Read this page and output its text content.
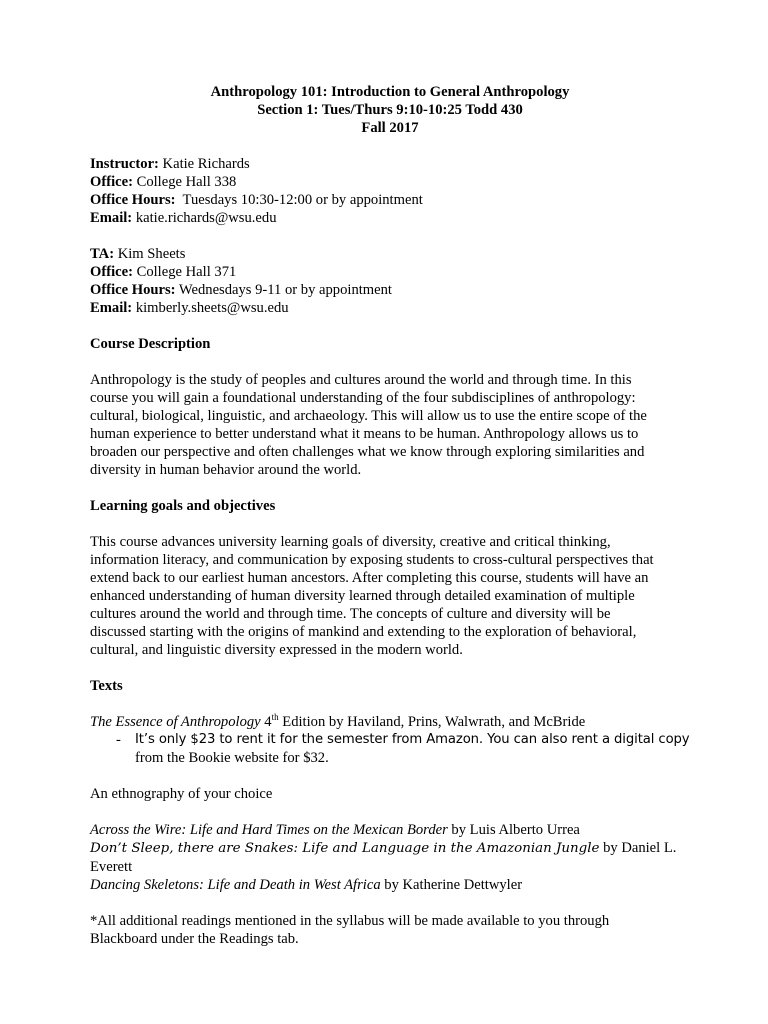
Anthropology 101: Introduction to General Anthropology

Section 1: Tues/Thurs 9:10-10:25 Todd 430

Fall 2017

Instructor: Katie Richards

Office: College Hall 338

Office Hours:  Tuesdays 10:30-12:00 or by appointment

Email: katie.richards@wsu.edu

TA: Kim Sheets

Office: College Hall 371

Office Hours: Wednesdays 9-11 or by appointment

Email: kimberly.sheets@wsu.edu

Course Description

Anthropology is the study of peoples and cultures around the world and through time. In this

course you will gain a foundational understanding of the four subdisciplines of anthropology:

cultural, biological, linguistic, and archaeology. This will allow us to use the entire scope of the

human experience to better understand what it means to be human. Anthropology allows us to

broaden our perspective and often challenges what we know through exploring similarities and

diversity in human behavior around the world.

Learning goals and objectives

This course advances university learning goals of diversity, creative and critical thinking,

information literacy, and communication by exposing students to cross-cultural perspectives that

extend back to our earliest human ancestors. After completing this course, students will have an

enhanced understanding of human diversity learned through detailed examination of multiple

cultures around the world and through time. The concepts of culture and diversity will be

discussed starting with the origins of mankind and extending to the exploration of behavioral,

cultural, and linguistic diversity expressed in the modern world.

Texts

The Essence of Anthropology 4th Edition by Haviland, Prins, Walwrath, and McBride

- It’s only $23 to rent it for the semester from Amazon. You can also rent a digital copy

from the Bookie website for $32.

An ethnography of your choice

Across the Wire: Life and Hard Times on the Mexican Border by Luis Alberto Urrea

Don’t Sleep, there are Snakes: Life and Language in the Amazonian Jungle by Daniel L. Everett

Dancing Skeletons: Life and Death in West Africa by Katherine Dettwyler

*All additional readings mentioned in the syllabus will be made available to you through

Blackboard under the Readings tab.
